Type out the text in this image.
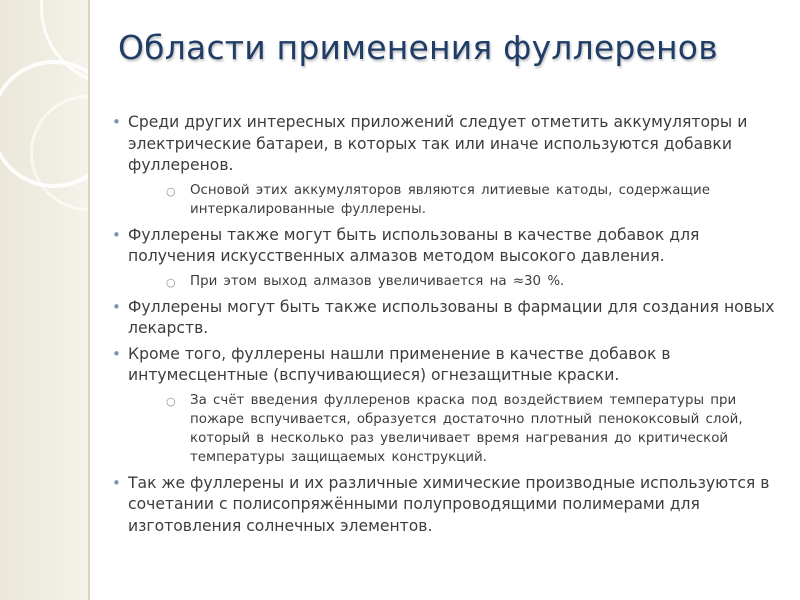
Области применения фуллеренов
• Среди других интересных приложений следует отметить аккумуляторы и электрические батареи, в которых так или иначе используются добавки фуллеренов.
○ Основой этих аккумуляторов являются литиевые катоды, содержащие интеркалированные фуллерены.
• Фуллерены также могут быть использованы в качестве добавок для получения искусственных алмазов методом высокого давления.
○ При этом выход алмазов увеличивается на ≈30 %.
• Фуллерены могут быть также использованы в фармации для создания новых лекарств.
• Кроме того, фуллерены нашли применение в качестве добавок в интумесцентные (вспучивающиеся) огнезащитные краски.
○ За счёт введения фуллеренов краска под воздействием температуры при пожаре вспучивается, образуется достаточно плотный пенококсовый слой, который в несколько раз увеличивает время нагревания до критической температуры защищаемых конструкций.
• Так же фуллерены и их различные химические производные используются в сочетании с полисопряжёнными полупроводящими полимерами для изготовления солнечных элементов.
